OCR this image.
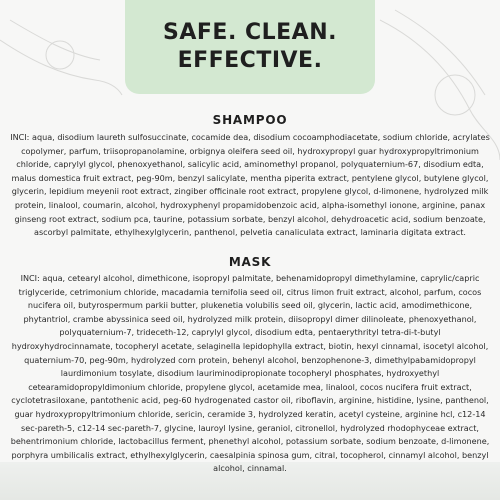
SAFE. CLEAN.
EFFECTIVE.
SHAMPOO
INCI: aqua, disodium laureth sulfosuccinate, cocamide dea, disodium cocoamphodiacetate, sodium chloride, acrylates copolymer, parfum, triisopropanolamine, orbignya oleifera seed oil, hydroxypropyl guar hydroxypropyltrimonium chloride, caprylyl glycol, phenoxyethanol, salicylic acid, aminomethyl propanol, polyquaternium-67, disodium edta, malus domestica fruit extract, peg-90m, benzyl salicylate, mentha piperita extract, pentylene glycol, butylene glycol, glycerin, lepidium meyenii root extract, zingiber officinale root extract, propylene glycol, d-limonene, hydrolyzed milk protein, linalool, coumarin, alcohol, hydroxyphenyl propamidobenzoic acid, alpha-isomethyl ionone, arginine, panax ginseng root extract, sodium pca, taurine, potassium sorbate, benzyl alcohol, dehydroacetic acid, sodium benzoate, ascorbyl palmitate, ethylhexylglycerin, panthenol, pelvetia canaliculata extract, laminaria digitata extract.
MASK
INCI: aqua, cetearyl alcohol, dimethicone, isopropyl palmitate, behenamidopropyl dimethylamine, caprylic/capric triglyceride, cetrimonium chloride, macadamia ternifolia seed oil, citrus limon fruit extract, alcohol, parfum, cocos nucifera oil, butyrospermum parkii butter, plukenetia volubilis seed oil, glycerin, lactic acid, amodimethicone, phytantriol, crambe abyssinica seed oil, hydrolyzed milk protein, diisopropyl dimer dilinoleate, phenoxyethanol, polyquaternium-7, trideceth-12, caprylyl glycol, disodium edta, pentaerythrityl tetra-di-t-butyl hydroxyhydrocinnamate, tocopheryl acetate, selaginella lepidophylla extract, biotin, hexyl cinnamal, isocetyl alcohol, quaternium-70, peg-90m, hydrolyzed corn protein, behenyl alcohol, benzophenone-3, dimethylpabamidopropyl laurdimonium tosylate, disodium lauriminodipropionate tocopheryl phosphates, hydroxyethyl cetearamidopropyldimonium chloride, propylene glycol, acetamide mea, linalool, cocos nucifera fruit extract, cyclotetrasiloxane, pantothenic acid, peg-60 hydrogenated castor oil, riboflavin, arginine, histidine, lysine, panthenol, guar hydroxypropyltrimonium chloride, sericin, ceramide 3, hydrolyzed keratin, acetyl cysteine, arginine hcl, c12-14 sec-pareth-5, c12-14 sec-pareth-7, glycine, lauroyl lysine, geraniol, citronellol, hydrolyzed rhodophyceae extract, behentrimonium chloride, lactobacillus ferment, phenethyl alcohol, potassium sorbate, sodium benzoate, d-limonene, porphyra umbilicalis extract, ethylhexylglycerin, caesalpinia spinosa gum, citral, tocopherol, cinnamyl alcohol, benzyl alcohol, cinnamal.
